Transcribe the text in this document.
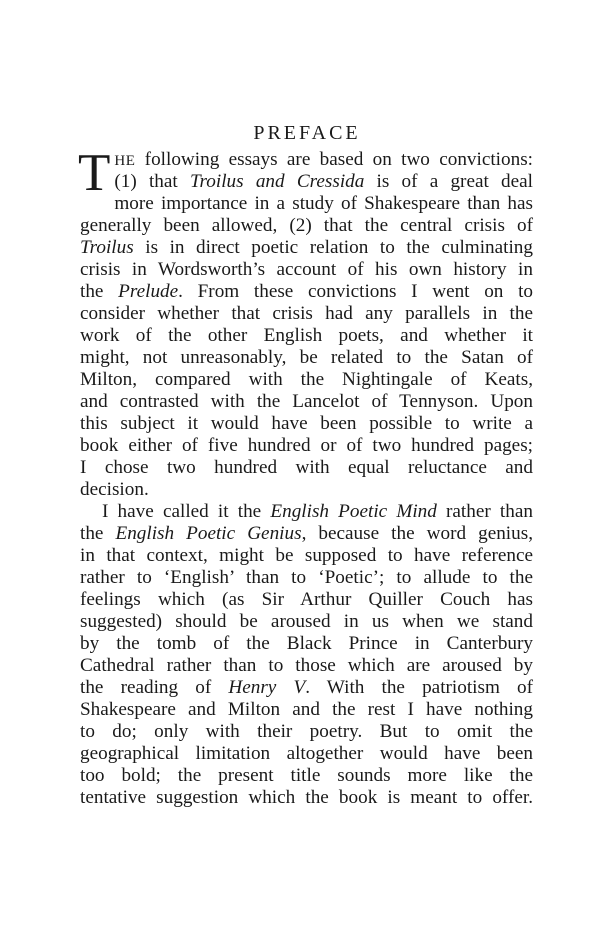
PREFACE
T HE following essays are based on two convictions:
(1) that Troilus and Cressida is of a great deal
more importance in a study of Shakespeare than has
generally been allowed, (2) that the central crisis of
Troilus is in direct poetic relation to the culminating
crisis in Wordsworth’s account of his own history in
the Prelude. From these convictions I went on to
consider whether that crisis had any parallels in the
work of the other English poets, and whether it
might, not unreasonably, be related to the Satan of
Milton, compared with the Nightingale of Keats,
and contrasted with the Lancelot of Tennyson. Upon
this subject it would have been possible to write a
book either of five hundred or of two hundred pages;
I chose two hundred with equal reluctance and
decision.
I have called it the English Poetic Mind rather than
the English Poetic Genius, because the word genius,
in that context, might be supposed to have reference
rather to ‘English’ than to ‘Poetic’; to allude to the
feelings which (as Sir Arthur Quiller Couch has
suggested) should be aroused in us when we stand
by the tomb of the Black Prince in Canterbury
Cathedral rather than to those which are aroused by
the reading of Henry V. With the patriotism of
Shakespeare and Milton and the rest I have nothing
to do; only with their poetry. But to omit the
geographical limitation altogether would have been
too bold; the present title sounds more like the
tentative suggestion which the book is meant to offer.
